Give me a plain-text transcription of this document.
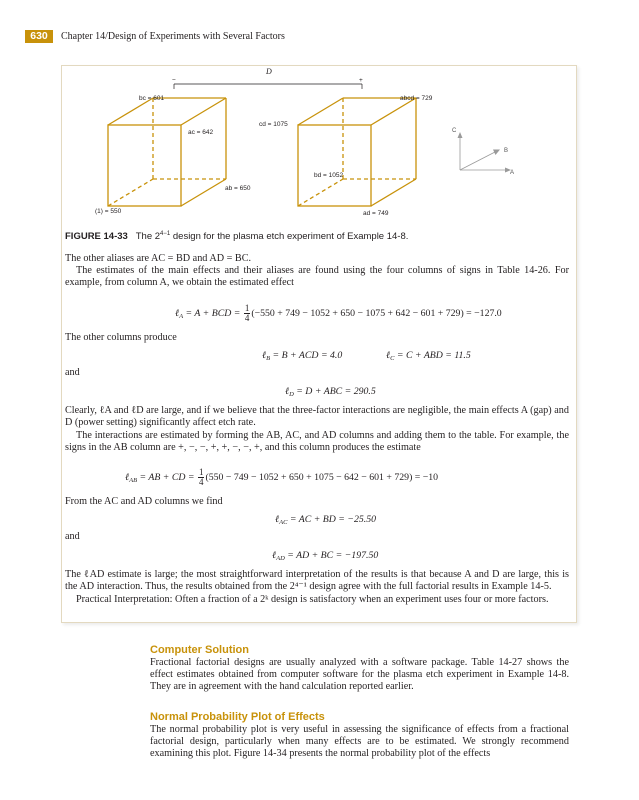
630	Chapter 14/Design of Experiments with Several Factors
−
D
+
bc = 601
ac = 642
ab = 650
(1) = 550
abcd = 729
cd = 1075
bd = 1052
ad = 749
C
B
A
FIGURE 14-33 The $2^{4-1}$ design for the plasma etch experiment of Example 14-8.
The other aliases are AC = BD and AD = BC.
The estimates of the main effects and their aliases are found using the four columns of signs in Table 14-26. For example, from column A, we obtain the estimated effect
ℓ$_A$ = A + BCD = $\frac{1}{4} (-550 + 749 - 1052 + 650 - 1075 + 642 - 601 + 729) = -127.0$
The other columns produce
ℓ$_B$ = B + ACD = 4.0	ℓ$_C$ = C + ABD = 11.5
and
ℓ$_D$ = D + ABC = 290.5
Clearly, ℓA and ℓD are large, and if we believe that the three-factor interactions are negligible, the main effects A (gap) and D (power setting) significantly affect etch rate.
The interactions are estimated by forming the AB, AC, and AD columns and adding them to the table. For example, the signs in the AB column are +, −, −, +, +, −, −, +, and this column produces the estimate
ℓ$_{AB}$ = AB + CD = $\frac{1}{4} (550 - 749 - 1052 + 650 + 1075 - 642 - 601 + 729) = -10$
From the AC and AD columns we find
ℓ$_{AC}$ = AC + BD = −25.50
and
ℓ$_{AD}$ = AD + BC = −197.50
The ℓAD estimate is large; the most straightforward interpretation of the results is that because A and D are large, this is the AD interaction. Thus, the results obtained from the 2⁴⁻¹ design agree with the full factorial results in Example 14-5.
Practical Interpretation: Often a fraction of a 2ᵏ design is satisfactory when an experiment uses four or more factors.
Computer Solution
Fractional factorial designs are usually analyzed with a software package. Table 14-27 shows the effect estimates obtained from computer software for the plasma etch experiment in Example 14-8. They are in agreement with the hand calculation reported earlier.
Normal Probability Plot of Effects
The normal probability plot is very useful in assessing the significance of effects from a fractional factorial design, particularly when many effects are to be estimated. We strongly recommend examining this plot. Figure 14-34 presents the normal probability plot of the effects
